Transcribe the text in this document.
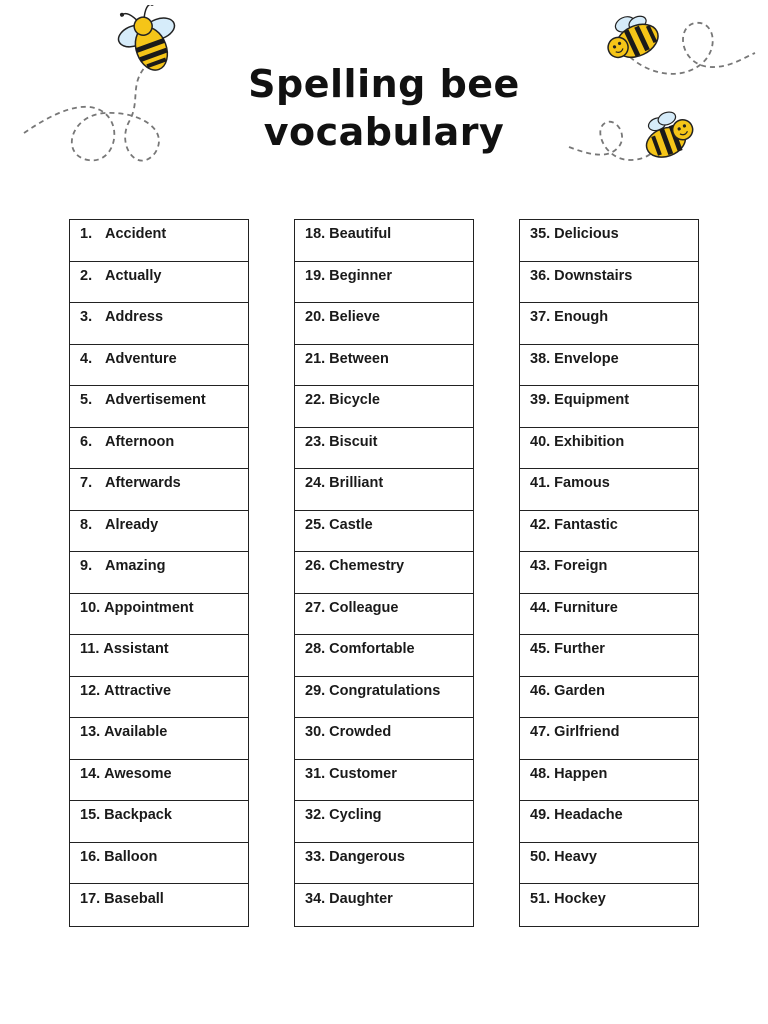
Spelling bee
vocabulary
1. Accident
2. Actually
3. Address
4. Adventure
5. Advertisement
6. Afternoon
7. Afterwards
8. Already
9. Amazing
10. Appointment
11. Assistant
12. Attractive
13. Available
14. Awesome
15. Backpack
16. Balloon
17. Baseball
18. Beautiful
19. Beginner
20. Believe
21. Between
22. Bicycle
23. Biscuit
24. Brilliant
25. Castle
26. Chemestry
27. Colleague
28. Comfortable
29. Congratulations
30. Crowded
31. Customer
32. Cycling
33. Dangerous
34. Daughter
35. Delicious
36. Downstairs
37. Enough
38. Envelope
39. Equipment
40. Exhibition
41. Famous
42. Fantastic
43. Foreign
44. Furniture
45. Further
46. Garden
47. Girlfriend
48. Happen
49. Headache
50. Heavy
51. Hockey
